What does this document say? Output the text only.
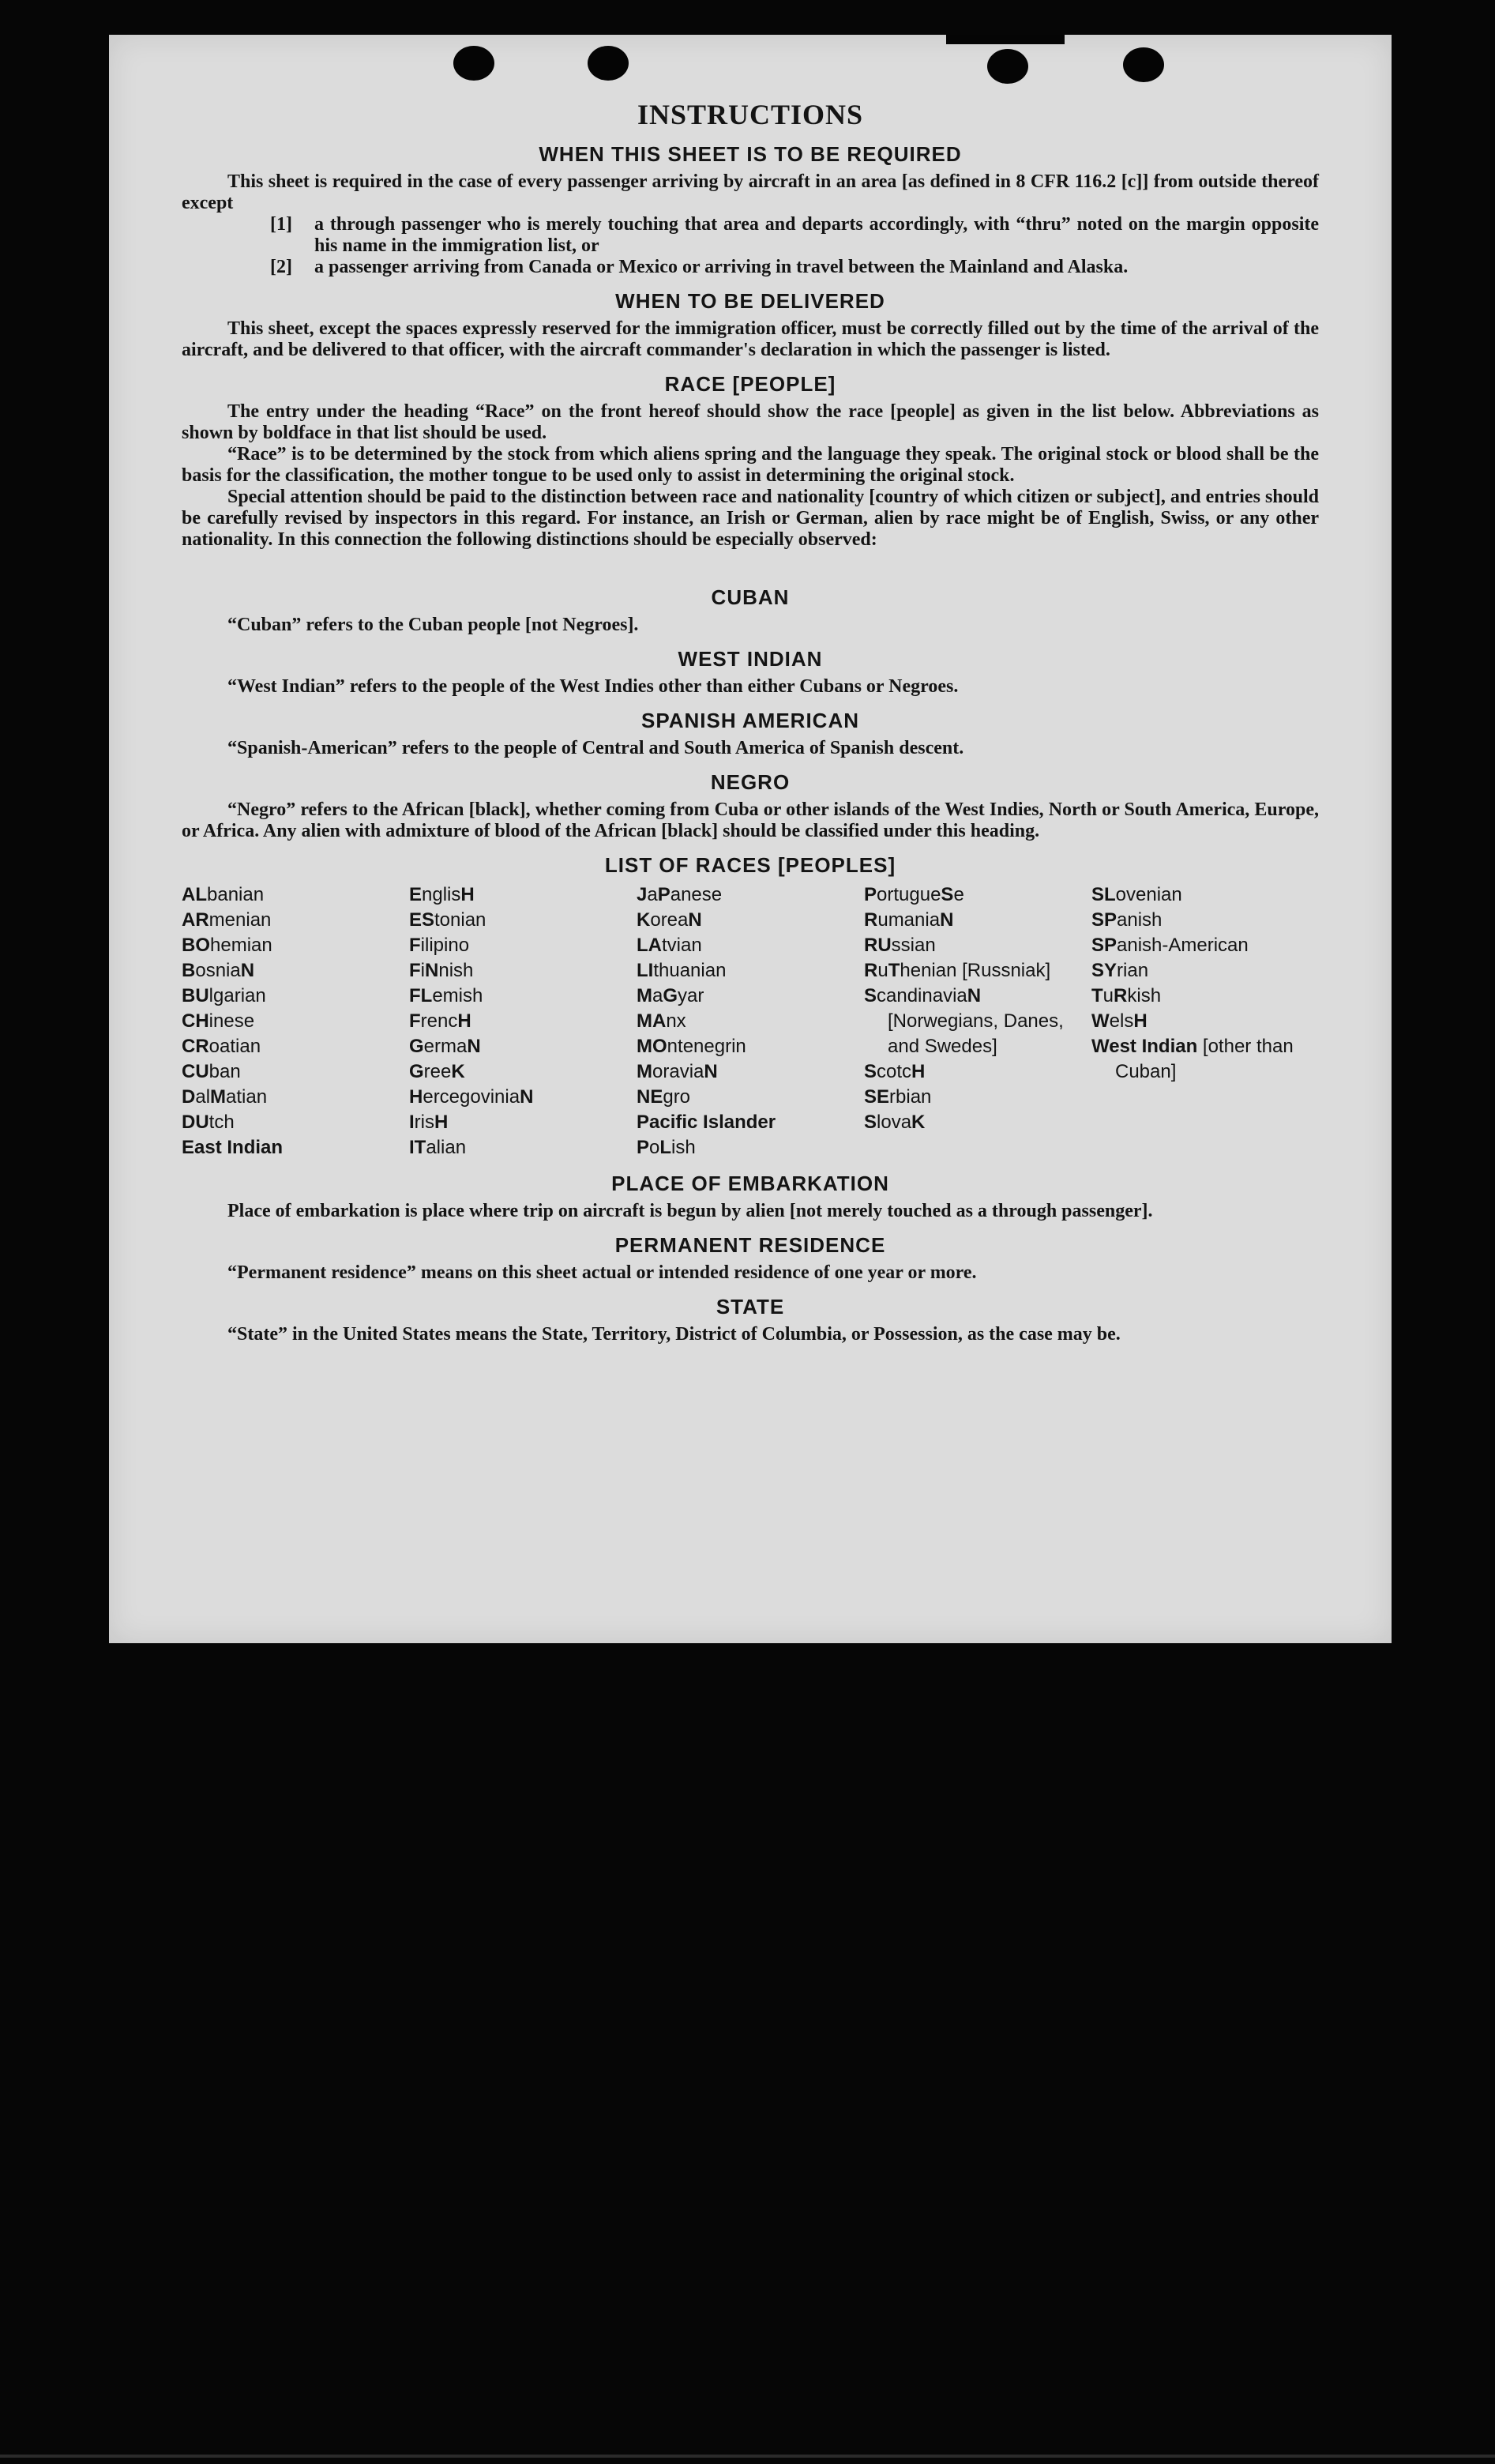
INSTRUCTIONS
WHEN THIS SHEET IS TO BE REQUIRED

This sheet is required in the case of every passenger arriving by aircraft in an area [as defined in 8 CFR 116.2 [c]] from outside thereof except

[1]	a through passenger who is merely touching that area and departs accordingly, with “thru” noted on the margin opposite his name in the immigration list, or
[2]	a passenger arriving from Canada or Mexico or arriving in travel between the Mainland and Alaska.
WHEN TO BE DELIVERED

This sheet, except the spaces expressly reserved for the immigration officer, must be correctly filled out by the time of the arrival of the aircraft, and be delivered to that officer, with the aircraft commander's declaration in which the passenger is listed.

RACE [PEOPLE]

The entry under the heading “Race” on the front hereof should show the race [people] as given in the list below. Abbreviations as shown by boldface in that list should be used.

“Race” is to be determined by the stock from which aliens spring and the language they speak. The original stock or blood shall be the basis for the classification, the mother tongue to be used only to assist in determining the original stock.

Special attention should be paid to the distinction between race and nationality [country of which citizen or subject], and entries should be carefully revised by inspectors in this regard. For instance, an Irish or German, alien by race might be of English, Swiss, or any other nationality. In this connection the following distinctions should be especially observed:

CUBAN

“Cuban” refers to the Cuban people [not Negroes].

WEST INDIAN

“West Indian” refers to the people of the West Indies other than either Cubans or Negroes.

SPANISH AMERICAN

“Spanish-American” refers to the people of Central and South America of Spanish descent.

NEGRO

“Negro” refers to the African [black], whether coming from Cuba or other islands of the West Indies, North or South America, Europe, or Africa. Any alien with admixture of blood of the African [black] should be classified under this heading.

LIST OF RACES [PEOPLES]
ALbanian
ARmenian
BOhemian
BosniaN
BUlgarian
CHinese
CRoatian
CUban
DalMatian
DUtch
East Indian
EnglisH
EStonian
Filipino
FiNnish
FLemish
FrencH
GermaN
GreeK
HercegoviniaN
IrisH
ITalian
JaPanese
KoreaN
LAtvian
LIthuanian
MaGyar
MAnx
MOntenegrin
MoraviaN
NEgro
Pacific Islander
PoLish
PortugueSe
RumaniaN
RUssian
RuThenian [Russniak]
ScandinaviaN [Norwegians, Danes, and Swedes]
ScotcH
SErbian
SlovaK
SLovenian
SPanish
SPanish-American
SYrian
TuRkish
WelsH
West Indian [other than Cuban]
PLACE OF EMBARKATION

Place of embarkation is place where trip on aircraft is begun by alien [not merely touched as a through passenger].

PERMANENT RESIDENCE

“Permanent residence” means on this sheet actual or intended residence of one year or more.

STATE

“State” in the United States means the State, Territory, District of Columbia, or Possession, as the case may be.
